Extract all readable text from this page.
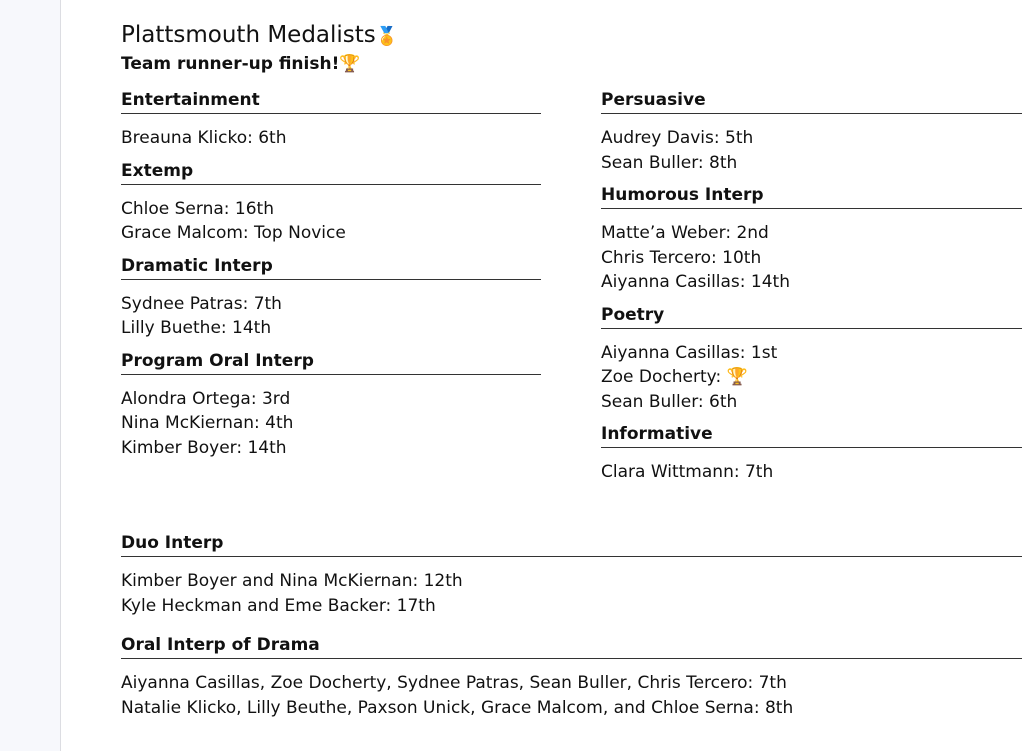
Plattsmouth Medalists🏅

Team runner-up finish!🏆

Entertainment

Breauna Klicko: 6th

Extemp

Chloe Serna: 16th

Grace Malcom: Top Novice

Dramatic Interp

Sydnee Patras: 7th

Lilly Buethe: 14th

Program Oral Interp

Alondra Ortega: 3rd

Nina McKiernan: 4th

Kimber Boyer: 14th

Persuasive

Audrey Davis: 5th

Sean Buller: 8th

Humorous Interp

Matte’a Weber: 2nd

Chris Tercero: 10th

Aiyanna Casillas: 14th

Poetry

Aiyanna Casillas: 1st

Zoe Docherty: 🏆

Sean Buller: 6th

Informative

Clara Wittmann: 7th

Duo Interp

Kimber Boyer and Nina McKiernan: 12th

Kyle Heckman and Eme Backer: 17th

Oral Interp of Drama

Aiyanna Casillas, Zoe Docherty, Sydnee Patras, Sean Buller, Chris Tercero: 7th

Natalie Klicko, Lilly Beuthe, Paxson Unick, Grace Malcom, and Chloe Serna: 8th
